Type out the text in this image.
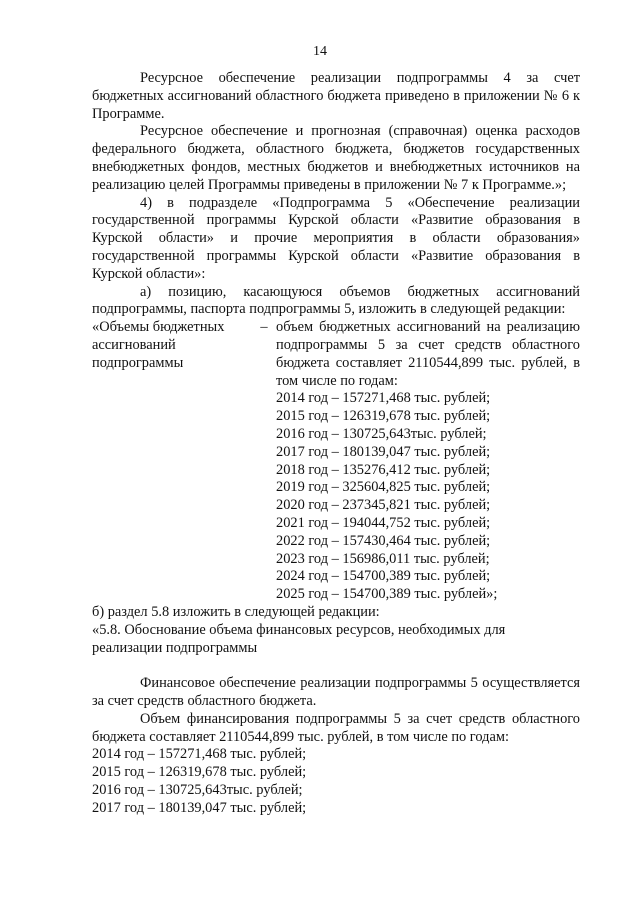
14

Ресурсное обеспечение реализации подпрограммы 4 за счет бюджетных ассигнований областного бюджета приведено в приложении № 6 к Программе.

Ресурсное обеспечение и прогнозная (справочная) оценка расходов федерального бюджета, областного бюджета, бюджетов государственных внебюджетных фондов, местных бюджетов и внебюджетных источников на реализацию целей Программы приведены в приложении № 7 к Программе.»;

4) в подразделе «Подпрограмма 5 «Обеспечение реализации государственной программы Курской области «Развитие образования в Курской области» и прочие мероприятия в области образования» государственной программы Курской области «Развитие образования в Курской области»:

а) позицию, касающуюся объемов бюджетных ассигнований подпрограммы, паспорта подпрограммы 5, изложить в следующей редакции:

«Объемы бюджетных ассигнований подпрограммы
– объем бюджетных ассигнований на реализацию подпрограммы 5 за счет средств областного бюджета составляет 2110544,899 тыс. рублей, в том числе по годам:
2014 год – 157271,468 тыс. рублей;
2015 год – 126319,678 тыс. рублей;
2016 год – 130725,643тыс. рублей;
2017 год – 180139,047 тыс. рублей;
2018 год – 135276,412 тыс. рублей;
2019 год – 325604,825 тыс. рублей;
2020 год – 237345,821 тыс. рублей;
2021 год – 194044,752 тыс. рублей;
2022 год – 157430,464 тыс. рублей;
2023 год – 156986,011 тыс. рублей;
2024 год – 154700,389 тыс. рублей;
2025 год – 154700,389 тыс. рублей»;

б) раздел 5.8 изложить в следующей редакции:

«5.8. Обоснование объема финансовых ресурсов, необходимых для

реализации подпрограммы

Финансовое обеспечение реализации подпрограммы 5 осуществляется за счет средств областного бюджета.

Объем финансирования подпрограммы 5 за счет средств областного бюджета составляет 2110544,899 тыс. рублей, в том числе по годам:

2014 год – 157271,468 тыс. рублей;
2015 год – 126319,678 тыс. рублей;
2016 год – 130725,643тыс. рублей;
2017 год – 180139,047 тыс. рублей;
